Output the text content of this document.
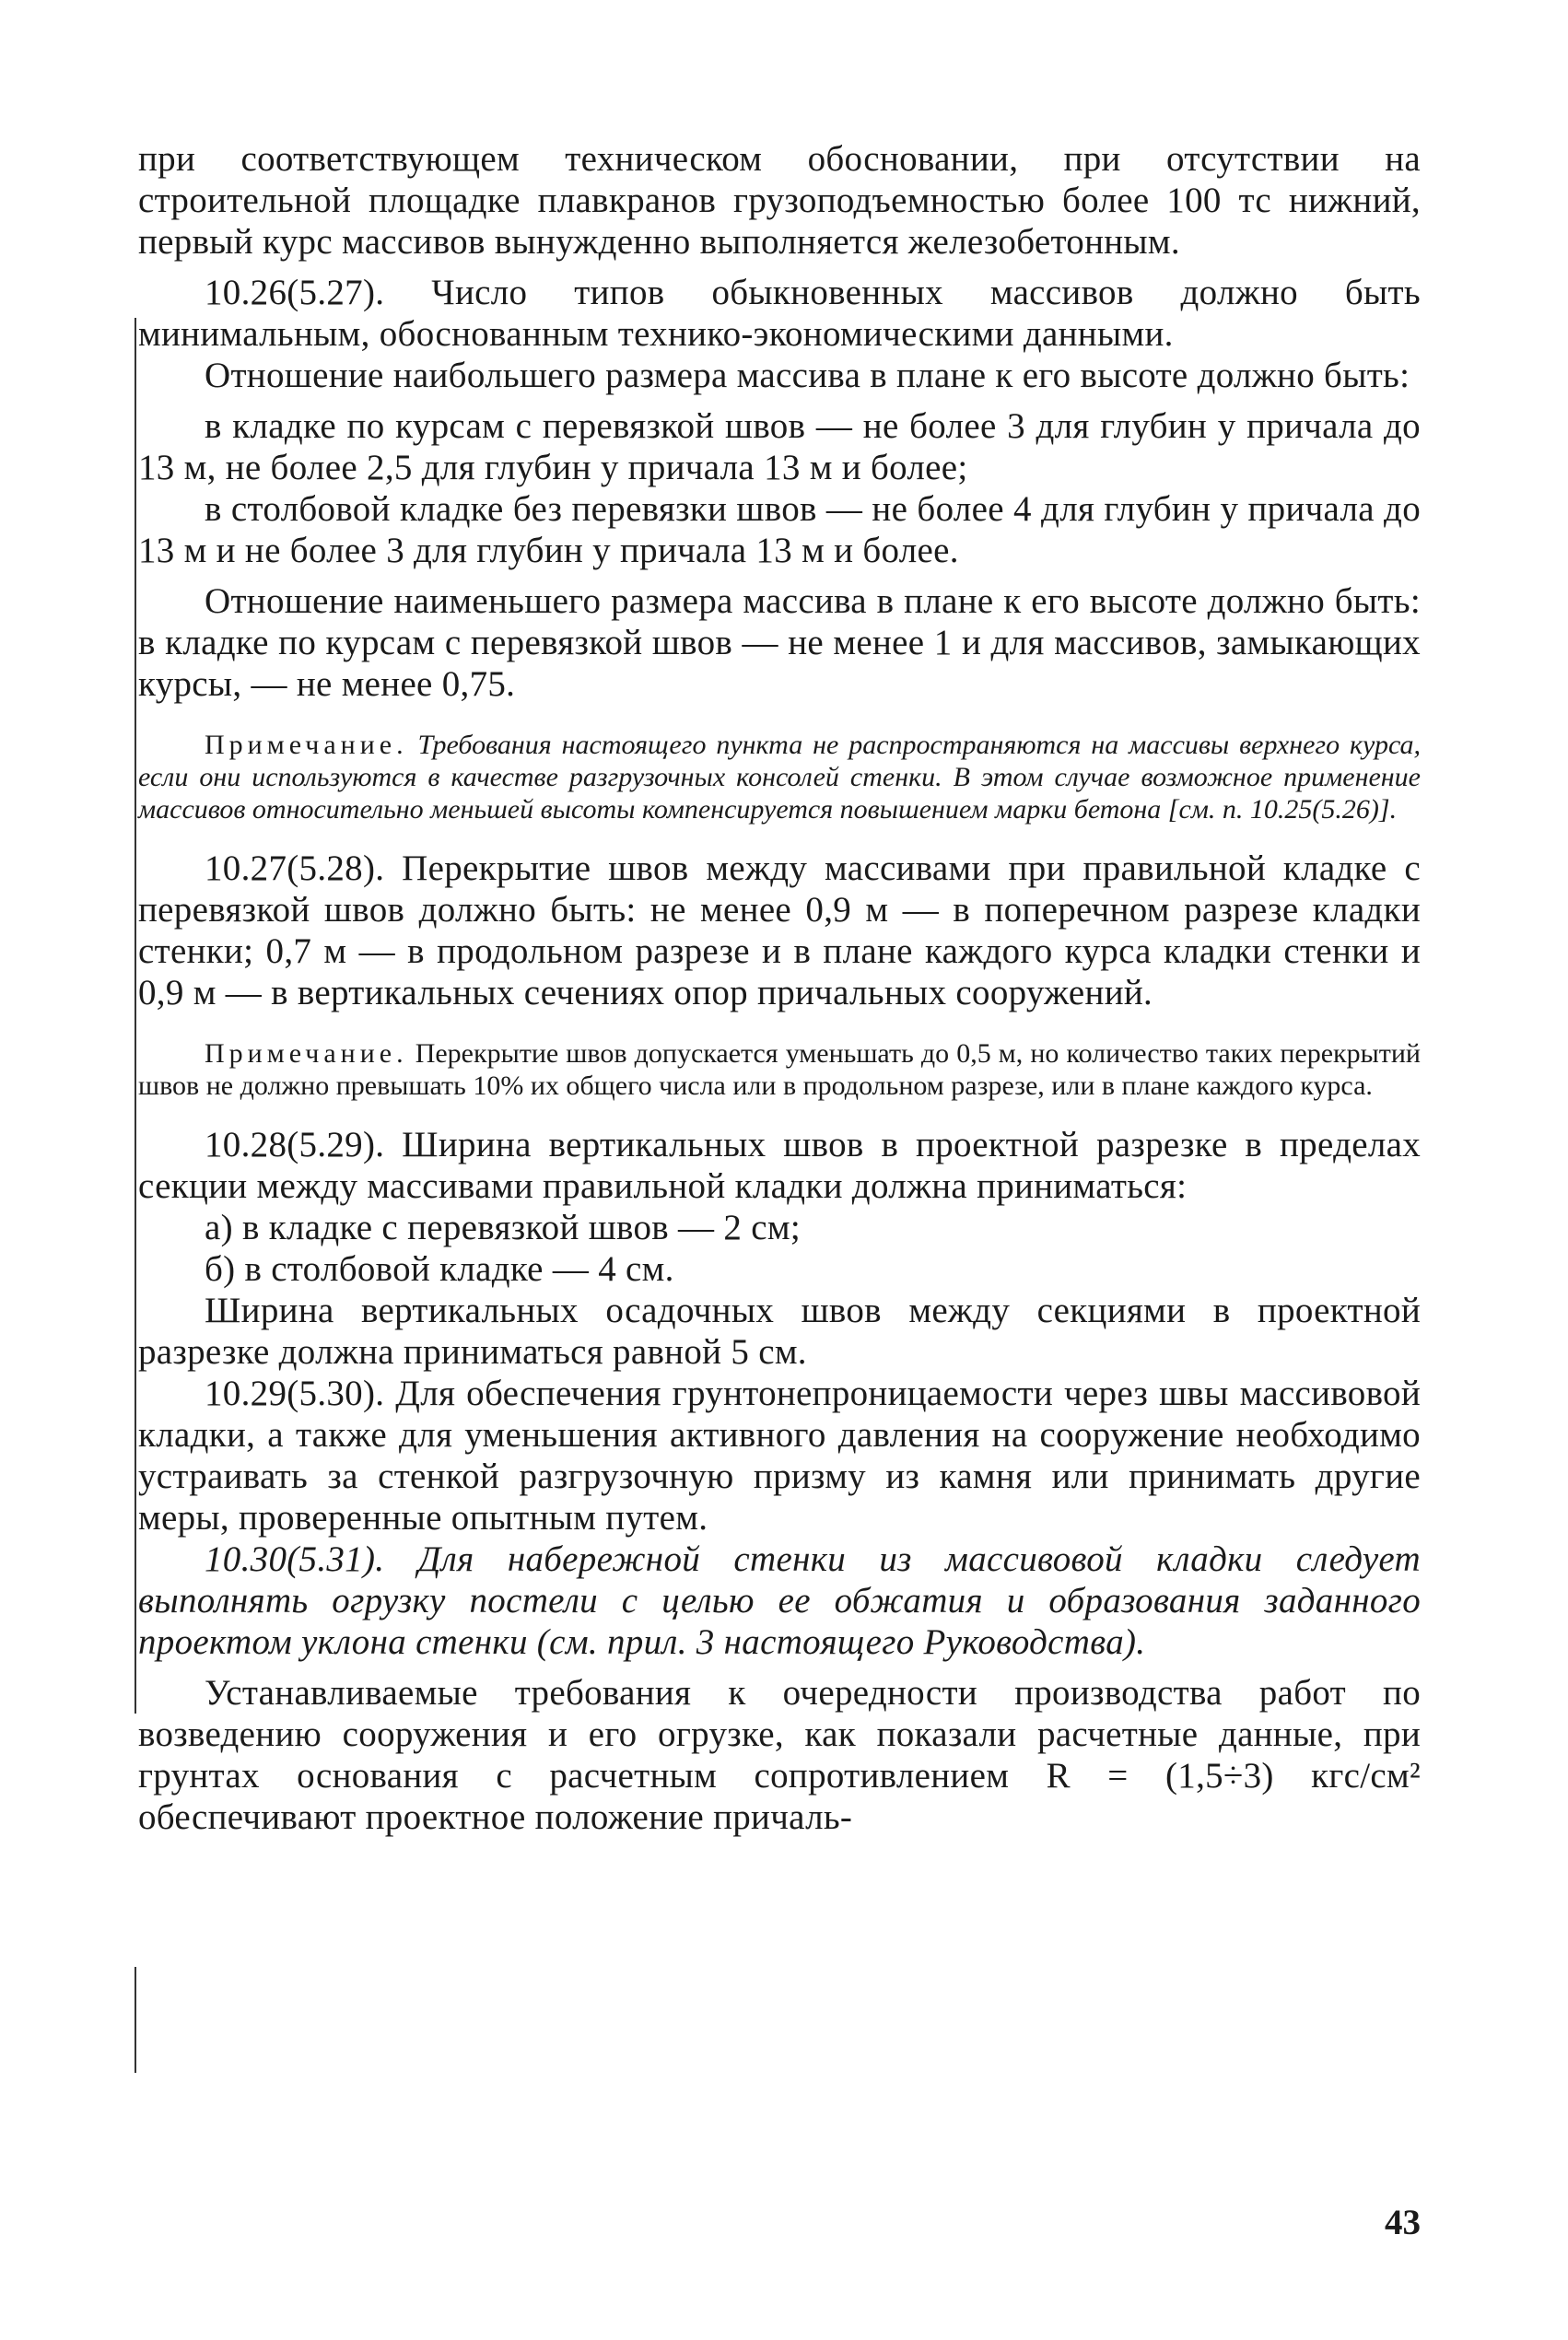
при соответствующем техническом обосновании, при отсутствии на строительной площадке плавкранов грузоподъемностью более 100 тс нижний, первый курс массивов вынужденно выполняется железобетонным.

10.26(5.27). Число типов обыкновенных массивов должно быть минимальным, обоснованным технико-экономическими данными.

Отношение наибольшего размера массива в плане к его высоте должно быть:

в кладке по курсам с перевязкой швов — не более 3 для глубин у причала до 13 м, не более 2,5 для глубин у причала 13 м и более;

в столбовой кладке без перевязки швов — не более 4 для глубин у причала до 13 м и не более 3 для глубин у причала 13 м и более.

Отношение наименьшего размера массива в плане к его высоте должно быть: в кладке по курсам с перевязкой швов — не менее 1 и для массивов, замыкающих курсы, — не менее 0,75.

Примечание. Требования настоящего пункта не распространяются на массивы верхнего курса, если они используются в качестве разгрузочных консолей стенки. В этом случае возможное применение массивов относительно меньшей высоты компенсируется повышением марки бетона [см. п. 10.25(5.26)].

10.27(5.28). Перекрытие швов между массивами при правильной кладке с перевязкой швов должно быть: не менее 0,9 м — в поперечном разрезе кладки стенки; 0,7 м — в продольном разрезе и в плане каждого курса кладки стенки и 0,9 м — в вертикальных сечениях опор причальных сооружений.

Примечание. Перекрытие швов допускается уменьшать до 0,5 м, но количество таких перекрытий швов не должно превышать 10% их общего числа или в продольном разрезе, или в плане каждого курса.

10.28(5.29). Ширина вертикальных швов в проектной разрезке в пределах секции между массивами правильной кладки должна приниматься:

а) в кладке с перевязкой швов — 2 см;

б) в столбовой кладке — 4 см.

Ширина вертикальных осадочных швов между секциями в проектной разрезке должна приниматься равной 5 см.

10.29(5.30). Для обеспечения грунтонепроницаемости через швы массивовой кладки, а также для уменьшения активного давления на сооружение необходимо устраивать за стенкой разгрузочную призму из камня или принимать другие меры, проверенные опытным путем.

10.30(5.31). Для набережной стенки из массивовой кладки следует выполнять огрузку постели с целью ее обжатия и образования заданного проектом уклона стенки (см. прил. 3 настоящего Руководства).

Устанавливаемые требования к очередности производства работ по возведению сооружения и его огрузке, как показали расчетные данные, при грунтах основания с расчетным сопротивлением R = (1,5÷3) кгс/см² обеспечивают проектное положение причаль-

43
